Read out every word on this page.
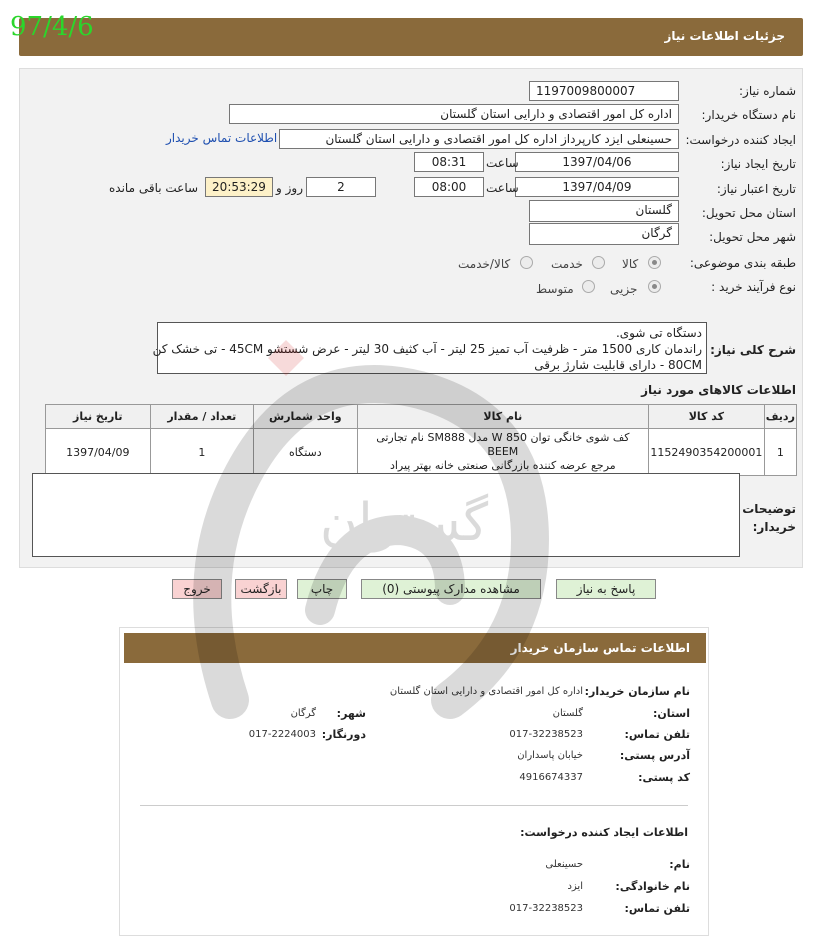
97/4/6	جزئیات اطلاعات نیاز
شماره نیاز:
1197009800007
نام دستگاه خریدار:
اداره کل امور اقتصادی و دارایی استان گلستان
ایجاد کننده درخواست:
حسینعلی ایزد کارپرداز اداره کل امور اقتصادی و دارایی استان گلستان
اطلاعات تماس خریدار
تاریخ ایجاد نیاز:
1397/04/06
ساعت
08:31
تاریخ اعتبار نیاز:
1397/04/09
ساعت
08:00
2
روز و
20:53:29
ساعت باقی مانده
استان محل تحویل:
گلستان
شهر محل تحویل:
گرگان
طبقه بندی موضوعی:
کالا
خدمت
کالا/خدمت
نوع فرآیند خرید :
جزیی
متوسط
شرح کلی نیاز:
دستگاه تی شوی.
راندمان کاری 1500 متر - ظرفیت آب تمیز 25 لیتر - آب کثیف 30 لیتر - عرض شستشو 45CM - تی خشک کن
80CM - دارای قابلیت شارژ برقی
اطلاعات کالاهای مورد نیاز
ردیف	کد کالا	نام کالا	واحد شمارش	تعداد / مقدار	تاریخ نیاز
1	1152490354200001	کف شوی خانگی توان 850 W مدل SM888 نام تجارتی BEEM
مرجع عرضه کننده بازرگانی صنعتی خانه بهتر پیراد	دستگاه	1	1397/04/09
توضیحات خریدار:
پاسخ به نیاز
مشاهده مدارک پیوستی (0)
چاپ
بازگشت
خروج
اطلاعات تماس سازمان خریدار
نام سازمان خریدار:
اداره کل امور اقتصادی و دارایی استان گلستان
استان:
گلستان
شهر:
گرگان
تلفن تماس:
017-32238523
دورنگار:
017-2224003
آدرس پستی:
خیابان پاسداران
کد پستی:
4916674337
اطلاعات ایجاد کننده درخواست:
نام:
حسینعلی
نام خانوادگی:
ایزد
تلفن تماس:
017-32238523
